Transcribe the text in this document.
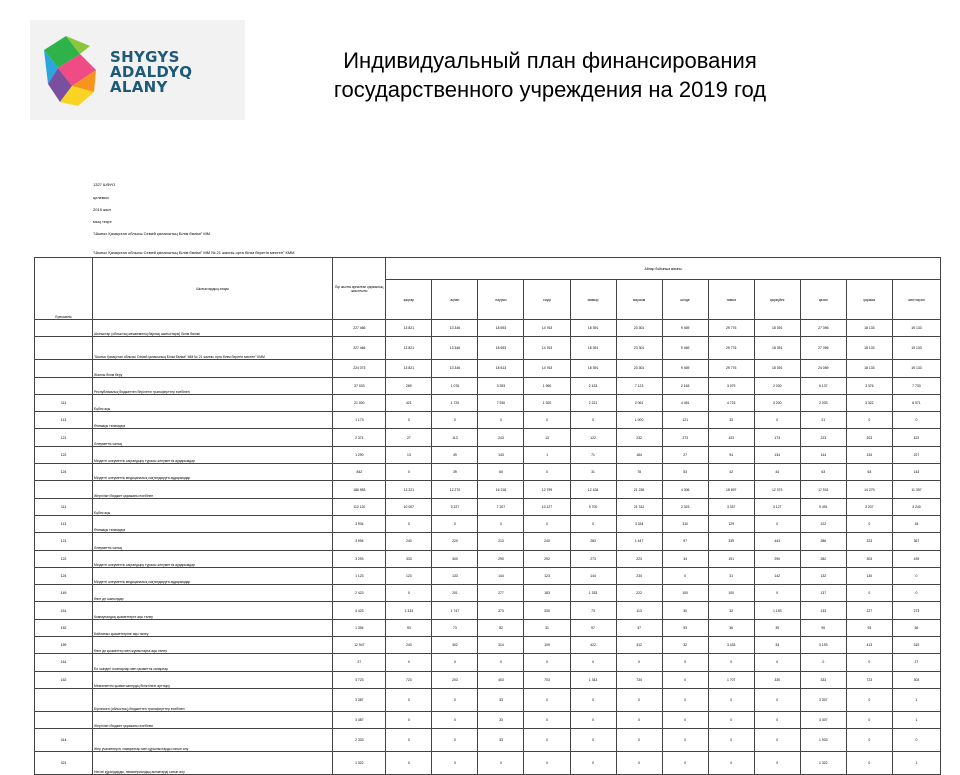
SHYGYS
ADALDYQ ALANY
Индивидуальный план финансирования
государственного учреждения на 2019 год
1327 ШФУО
целевых
2019 жыл
мың теңге
"Шығыс Қазақстан облысы Семей қаласының Білім бөлімі" ММ
"Шығыс Қазақстан облысы Семей қаласының Білім бөлімі" ММ № 21 жалпы орта білім беретін мектеп" КММ
Ерекшелік	Шығыстардың атауы	Бір жылға арналған қаржының жиынтығы	Айлар бойынша жиыны											
			қаңтар	ақпан	наурыз	сәуір	мамыр	маусым	шілде	тамыз	қыркүйек	қазан	қараша	желтоқсан
	Шығыстар (облыстық мешкеменің барлық шығыстары) Білім бөлімі	227 466	13 821	13 346	18 693	14 763	18 391	23 301	9 469	29 776	18 391	27 396	18 133	19 133
	"Шығыс Қазақстан облысы Семей қаласының Білім бөлімі" ММ № 21 жалпы орта білім беретін мектеп" КММ	227 466	13 821	13 346	18 693	14 763	18 391	23 301	9 469	29 776	18 391	27 396	18 133	19 133
	Жалпы білім беру	224 073	13 821	13 346	18 613	14 763	18 391	23 301	9 469	29 776	18 391	24 089	18 133	19 133
	Республикалық бюджеттен берілетін трансферттер есебінен	37 033	269	1 076	3 393	1 960	2 433	7 123	2 163	3 079	2 030	6 137	3 376	7 733
111	Еңбек ақы	21 000	421	1 720	7 930	1 920	2 221	2 061	4 451	4 723	3 200	2 033	3 322	6 971
113	Өтемақы төлемдері	1 173	0	0	0	0	0	1 000	121	33	0	21	0	0
121	Әлеуметтік салық	2 374	27	113	243	13	122	232	273	103	173	223	203	422
122	Міндетті әлеуметтік сақтандыру туралы әлеуметтік аударымдар	1 290	13	49	143	1	71	184	27	94	134	144	134	227
124	Міндетті әлеуметтік медициналық сақтандыруға аударымдар	842	0	39	60	0	31	78	53	42	44	63	63	143
	Жергілікті бюджет қаражаты есебінен	186 983	13 221	12 270	16 218	12 799	12 426	21 236	4 306	18 697	12 373	17 931	14 279	11 397
111	Еңбек ақы	112 120	10 007	9 227	7 207	10 227	9 700	21 312	2 323	3 337	3 127	9 491	3 207	3 240
113	Өтемақы төлемдері	3 934	0	0	0	0	0	3 334	310	129	0	122	0	18
121	Әлеуметтік салық	3 994	240	220	213	240	283	1 447	97	339	443	286	223	367
122	Міндетті әлеуметтік сақтандыру туралы әлеуметтік аударымдар	3 293	333	300	290	292	273	223	34	191	290	282	303	439
124	Міндетті әлеуметтік медициналық сақтандыруға аударымдар	1 123	123	133	144	123	144	234	0	31	142	132	130	0
149	Өзге де шығындар	2 423	0	201	277	183	1 333	222	100	100	0	137	0	0
151	Коммуналдық қызметтерге ақы төлеу	3 423	1 333	1 747	373	330	73	113	30	32	1 193	133	227	273
152	Байланыс қызметтеріне ақы төлеу	1 394	93	73	82	31	97	37	93	36	39	90	93	36
159	Өзге де қызметтер мен жұмыстарға ақы төлеу	12 947	243	302	314	109	422	312	32	3 433	33	3 193	413	319
161	Ел ішіндегі іссапарлар мен қызметтік сапарлар	27	0	0	0	0	0	0	0	0	0	0	0	27
162	Мемлекеттік қызметшілердің біліктілігін арттыру	3 723	723	203	403	703	1 343	734	0	1 707	330	333	723	303
	Бірлескен (облыстың) бюджеттен трансферттер есебінен	3 387	0	0	33	0	0	0	0	0	0	3 307	0	1
	Жергілікті бюджет қаражаты есебінен	3 387	0	0	33	0	0	0	0	0	0	3 307	0	1
414	Жер учаскелерін, ғимараттар мен құрылыстарды сатып алу	2 333	0	0	33	0	0	0	0	0	0	1 933	0	0
421	Негізгі құралдарды, нематериалдық активтерді сатып алу	1 322	0	0	0	0	0	0	0	0	0	1 322	0	1
